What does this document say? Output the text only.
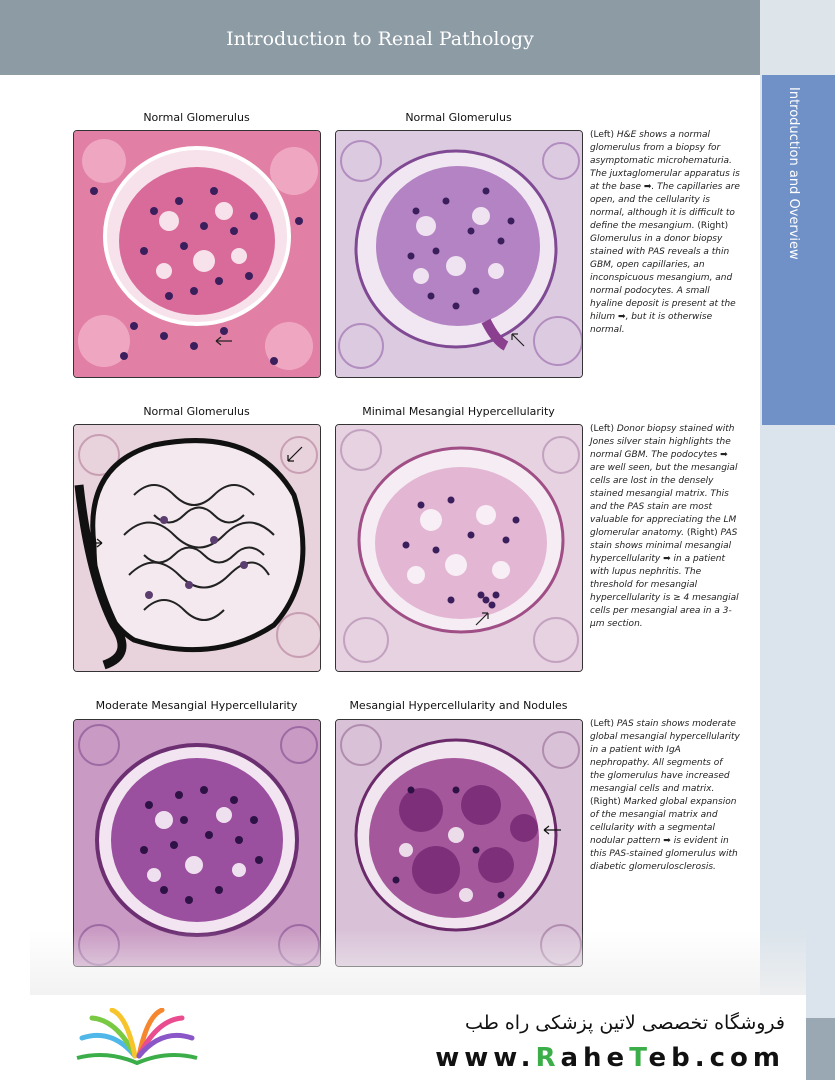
Introduction to Renal Pathology
Introduction and Overview
Normal Glomerulus	Normal Glomerulus
(Left) H&E shows a normal glomerulus from a biopsy for asymptomatic microhematuria. The juxtaglomerular apparatus is at the base ➡. The capillaries are open, and the cellularity is normal, although it is difficult to define the mesangium. (Right) Glomerulus in a donor biopsy stained with PAS reveals a thin GBM, open capillaries, an inconspicuous mesangium, and normal podocytes. A small hyaline deposit is present at the hilum ➡, but it is otherwise normal.
Normal Glomerulus	Minimal Mesangial Hypercellularity
(Left) Donor biopsy stained with Jones silver stain highlights the normal GBM. The podocytes ➡ are well seen, but the mesangial cells are lost in the densely stained mesangial matrix. This and the PAS stain are most valuable for appreciating the LM glomerular anatomy. (Right) PAS stain shows minimal mesangial hypercellularity ➡ in a patient with lupus nephritis. The threshold for mesangial hypercellularity is ≥ 4 mesangial cells per mesangial area in a 3-µm section.
Moderate Mesangial Hypercellularity	Mesangial Hypercellularity and Nodules
(Left) PAS stain shows moderate global mesangial hypercellularity in a patient with IgA nephropathy. All segments of the glomerulus have increased mesangial cells and matrix. (Right) Marked global expansion of the mesangial matrix and cellularity with a segmental nodular pattern ➡ is evident in this PAS-stained glomerulus with diabetic glomerulosclerosis.
فروشگاه تخصصی لاتین پزشکی راه طب
www.RaheTeb.com
